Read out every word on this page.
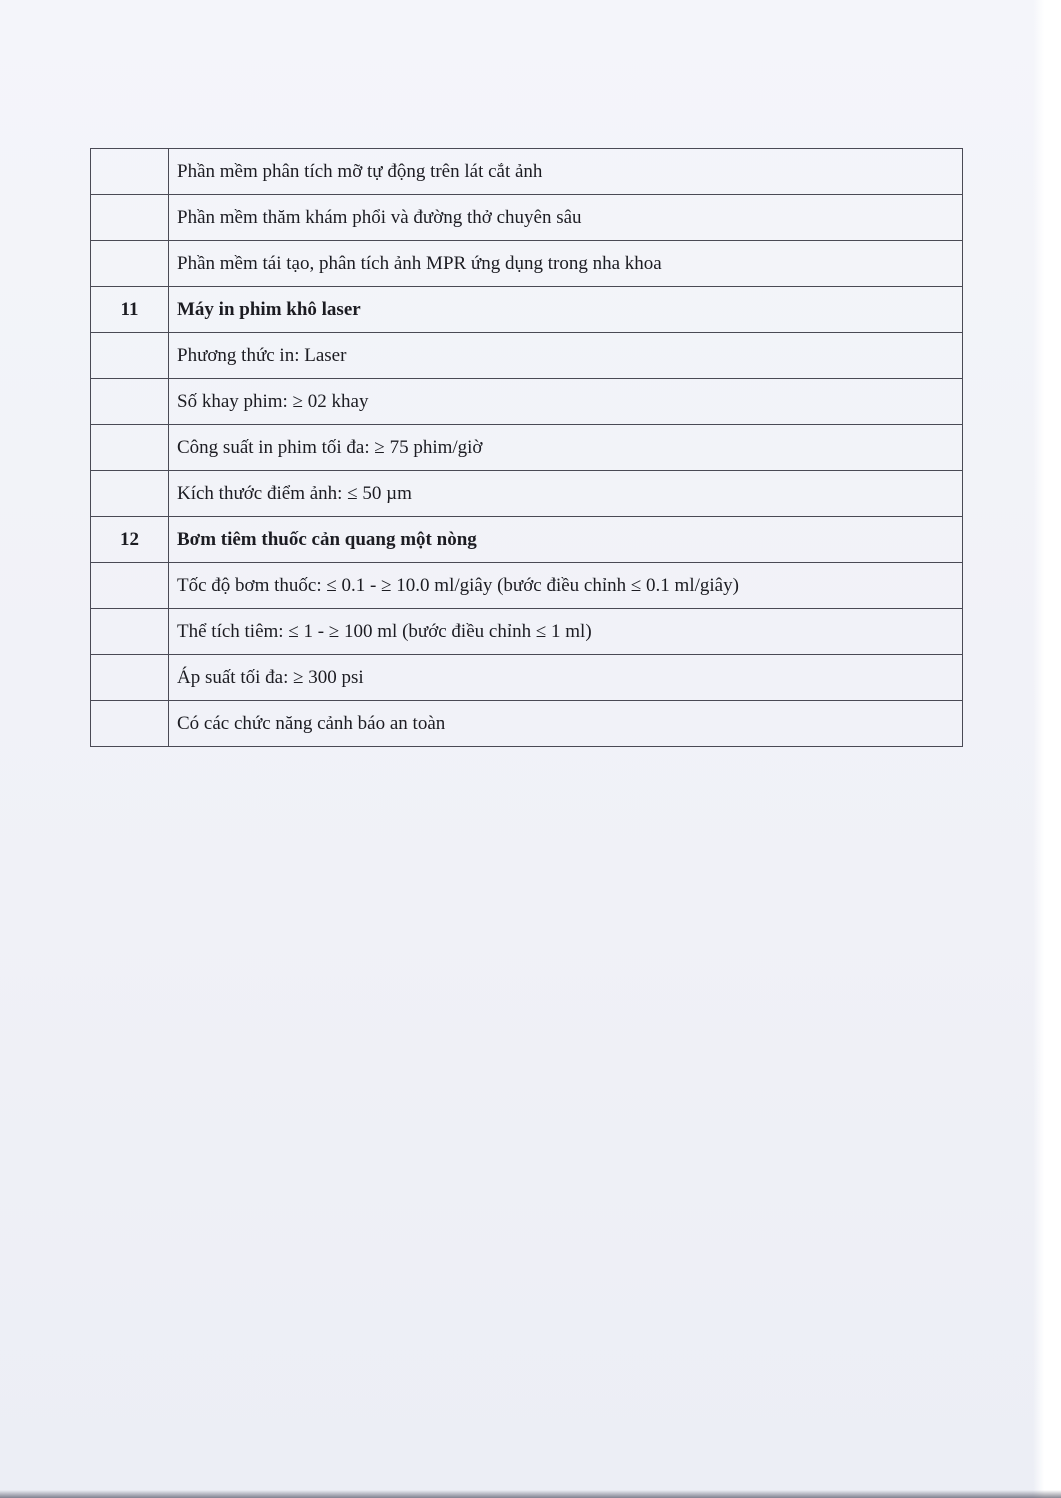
	Phần mềm phân tích mỡ tự động trên lát cắt ảnh
	Phần mềm thăm khám phổi và đường thở chuyên sâu
	Phần mềm tái tạo, phân tích ảnh MPR ứng dụng trong nha khoa
11	Máy in phim khô laser
	Phương thức in: Laser
	Số khay phim: ≥ 02 khay
	Công suất in phim tối đa: ≥ 75 phim/giờ
	Kích thước điểm ảnh: ≤ 50 µm
12	Bơm tiêm thuốc cản quang một nòng
	Tốc độ bơm thuốc: ≤ 0.1 - ≥ 10.0 ml/giây (bước điều chỉnh ≤ 0.1 ml/giây)
	Thể tích tiêm: ≤ 1 - ≥ 100 ml (bước điều chỉnh ≤ 1 ml)
	Áp suất tối đa: ≥ 300 psi
	Có các chức năng cảnh báo an toàn
